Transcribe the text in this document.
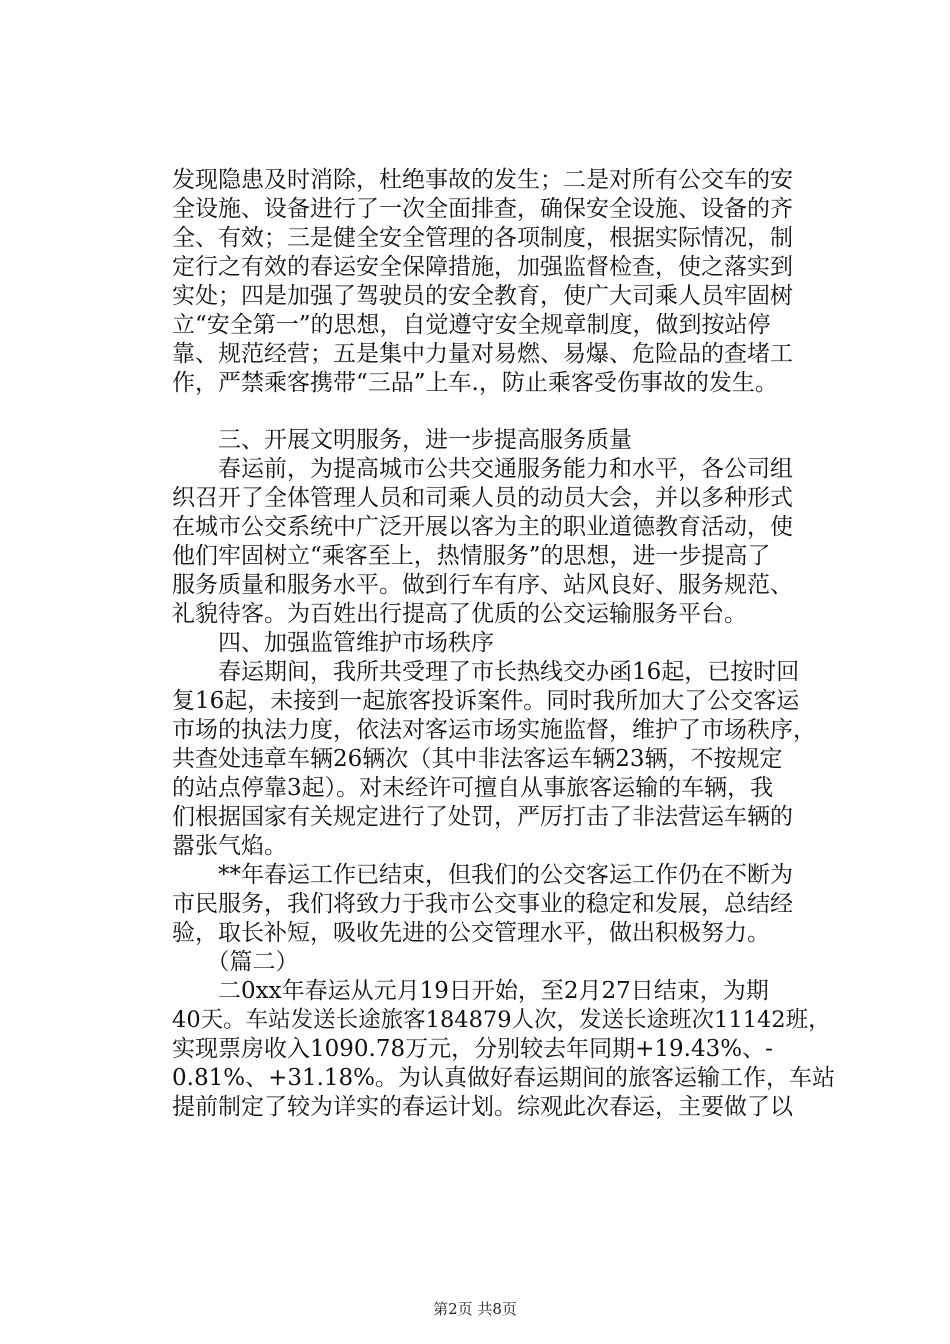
发现隐患及时消除，杜绝事故的发生；二是对所有公交车的安
全设施、设备进行了一次全面排查，确保安全设施、设备的齐
全、有效；三是健全安全管理的各项制度，根据实际情况，制
定行之有效的春运安全保障措施，加强监督检查，使之落实到
实处；四是加强了驾驶员的安全教育，使广大司乘人员牢固树
立“安全第一”的思想，自觉遵守安全规章制度，做到按站停
靠、规范经营；五是集中力量对易燃、易爆、危险品的查堵工
作，严禁乘客携带“三品”上车.，防止乘客受伤事故的发生。
　　三、开展文明服务，进一步提高服务质量
　　春运前，为提高城市公共交通服务能力和水平，各公司组
织召开了全体管理人员和司乘人员的动员大会，并以多种形式
在城市公交系统中广泛开展以客为主的职业道德教育活动，使
他们牢固树立“乘客至上，热情服务”的思想，进一步提高了
服务质量和服务水平。做到行车有序、站风良好、服务规范、
礼貌待客。为百姓出行提高了优质的公交运输服务平台。
　　四、加强监管维护市场秩序
　　春运期间，我所共受理了市长热线交办函16起，已按时回
复16起，未接到一起旅客投诉案件。同时我所加大了公交客运
市场的执法力度，依法对客运市场实施监督，维护了市场秩序，
共查处违章车辆26辆次（其中非法客运车辆23辆，不按规定
的站点停靠3起）。对未经许可擅自从事旅客运输的车辆，我
们根据国家有关规定进行了处罚，严厉打击了非法营运车辆的
嚣张气焰。
　　**年春运工作已结束，但我们的公交客运工作仍在不断为
市民服务，我们将致力于我市公交事业的稳定和发展，总结经
验，取长补短，吸收先进的公交管理水平，做出积极努力。
　　（篇二）
　　二0xx年春运从元月19日开始，至2月27日结束，为期
40天。车站发送长途旅客184879人次，发送长途班次11142班，
实现票房收入1090.78万元，分别较去年同期+19.43%、-
0.81%、+31.18%。为认真做好春运期间的旅客运输工作，车站
提前制定了较为详实的春运计划。综观此次春运，主要做了以
第2页 共8页
